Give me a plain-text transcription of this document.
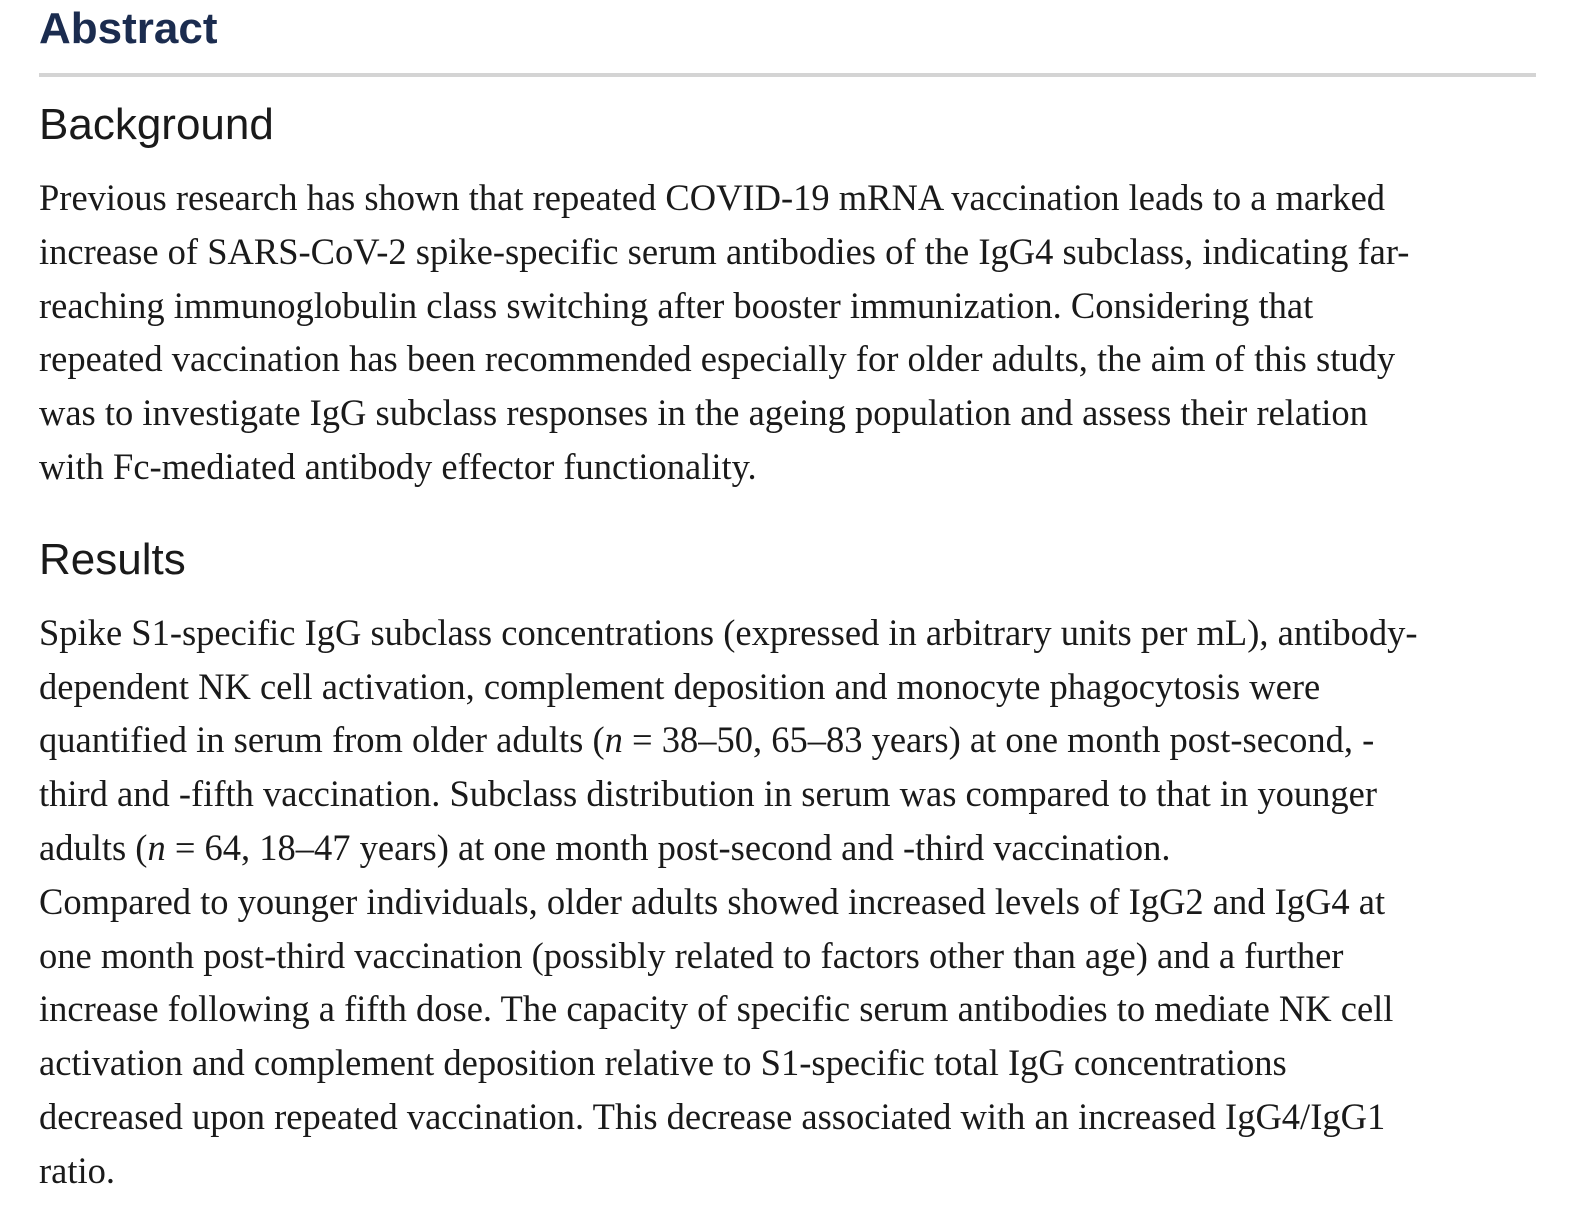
Abstract
Background

Previous research has shown that repeated COVID-19 mRNA vaccination leads to a marked
increase of SARS-CoV-2 spike-specific serum antibodies of the IgG4 subclass, indicating far-
reaching immunoglobulin class switching after booster immunization. Considering that
repeated vaccination has been recommended especially for older adults, the aim of this study
was to investigate IgG subclass responses in the ageing population and assess their relation
with Fc-mediated antibody effector functionality.

Results

Spike S1-specific IgG subclass concentrations (expressed in arbitrary units per mL), antibody-
dependent NK cell activation, complement deposition and monocyte phagocytosis were
quantified in serum from older adults (n = 38–50, 65–83 years) at one month post-second, -
third and -fifth vaccination. Subclass distribution in serum was compared to that in younger
adults (n = 64, 18–47 years) at one month post-second and -third vaccination.
Compared to younger individuals, older adults showed increased levels of IgG2 and IgG4 at
one month post-third vaccination (possibly related to factors other than age) and a further
increase following a fifth dose. The capacity of specific serum antibodies to mediate NK cell
activation and complement deposition relative to S1-specific total IgG concentrations
decreased upon repeated vaccination. This decrease associated with an increased IgG4/IgG1
ratio.
